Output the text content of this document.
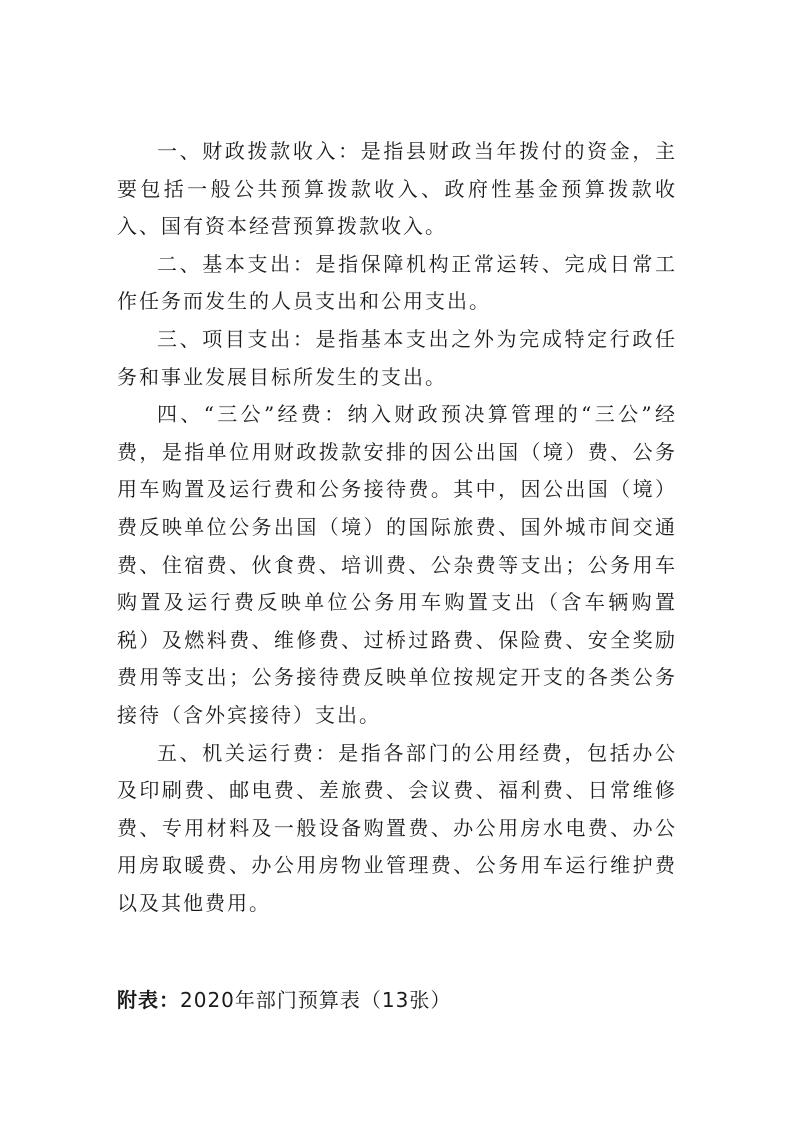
一、财政拨款收入：是指县财政当年拨付的资金，主要包括一般公共预算拨款收入、政府性基金预算拨款收入、国有资本经营预算拨款收入。

二、基本支出：是指保障机构正常运转、完成日常工作任务而发生的人员支出和公用支出。

三、项目支出：是指基本支出之外为完成特定行政任务和事业发展目标所发生的支出。

四、“三公”经费：纳入财政预决算管理的“三公”经费，是指单位用财政拨款安排的因公出国（境）费、公务用车购置及运行费和公务接待费。其中，因公出国（境）费反映单位公务出国（境）的国际旅费、国外城市间交通费、住宿费、伙食费、培训费、公杂费等支出；公务用车购置及运行费反映单位公务用车购置支出（含车辆购置税）及燃料费、维修费、过桥过路费、保险费、安全奖励费用等支出；公务接待费反映单位按规定开支的各类公务接待（含外宾接待）支出。

五、机关运行费：是指各部门的公用经费，包括办公及印刷费、邮电费、差旅费、会议费、福利费、日常维修费、专用材料及一般设备购置费、办公用房水电费、办公用房取暖费、办公用房物业管理费、公务用车运行维护费以及其他费用。

附表：2020年部门预算表（13张）
